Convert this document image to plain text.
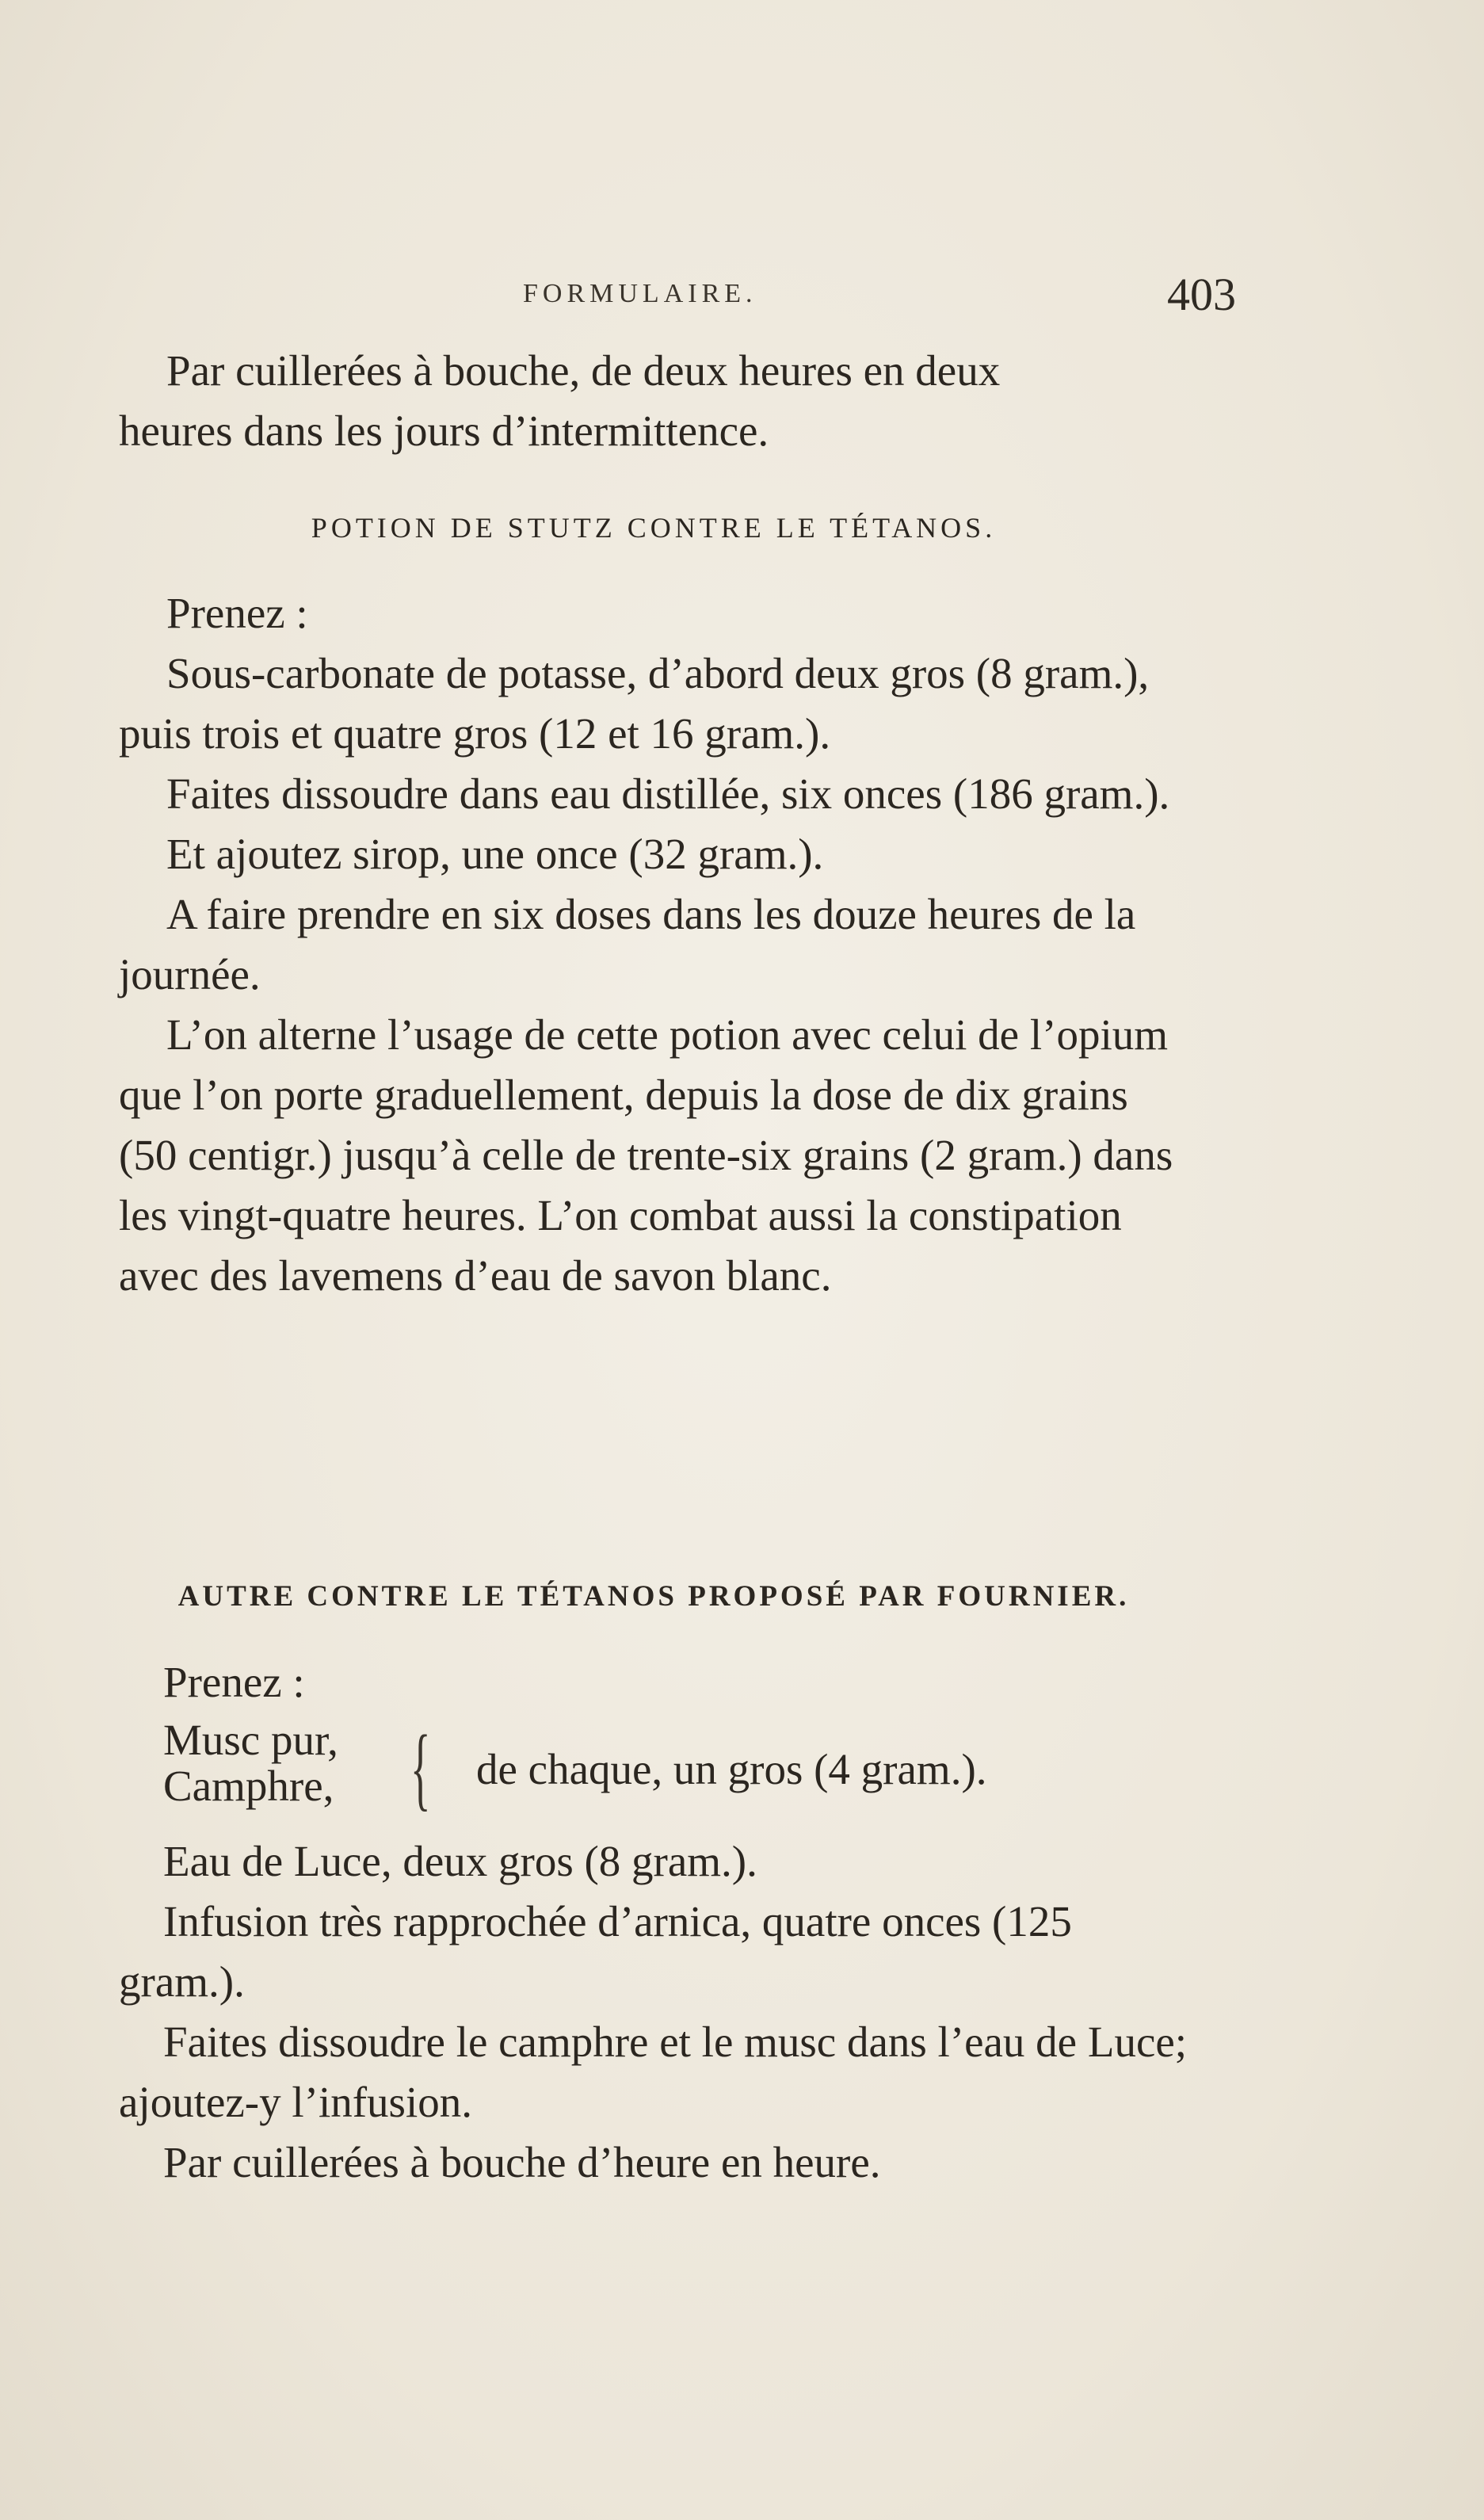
FORMULAIRE.	403

Par cuillerées à bouche, de deux heures en deux

heures dans les jours d’intermittence.

POTION DE STUTZ CONTRE LE TÉTANOS.

Prenez :

Sous-carbonate de potasse, d’abord deux gros (8 gram.), puis trois et quatre gros (12 et 16 gram.).

Faites dissoudre dans eau distillée, six onces (186 gram.).

Et ajoutez sirop, une once (32 gram.).

A faire prendre en six doses dans les douze heures de la journée.

L’on alterne l’usage de cette potion avec celui de l’opium que l’on porte graduellement, depuis la dose de dix grains (50 centigr.) jusqu’à celle de trente-six grains (2 gram.) dans les vingt-quatre heures. L’on combat aussi la constipation avec des lavemens d’eau de savon blanc.

AUTRE CONTRE LE TÉTANOS PROPOSÉ PAR FOURNIER.

Prenez :

Musc pur,
Camphre, { de chaque, un gros (4 gram.).

Eau de Luce, deux gros (8 gram.).

Infusion très rapprochée d’arnica, quatre onces (125 gram.).

Faites dissoudre le camphre et le musc dans l’eau de Luce; ajoutez-y l’infusion.

Par cuillerées à bouche d’heure en heure.
